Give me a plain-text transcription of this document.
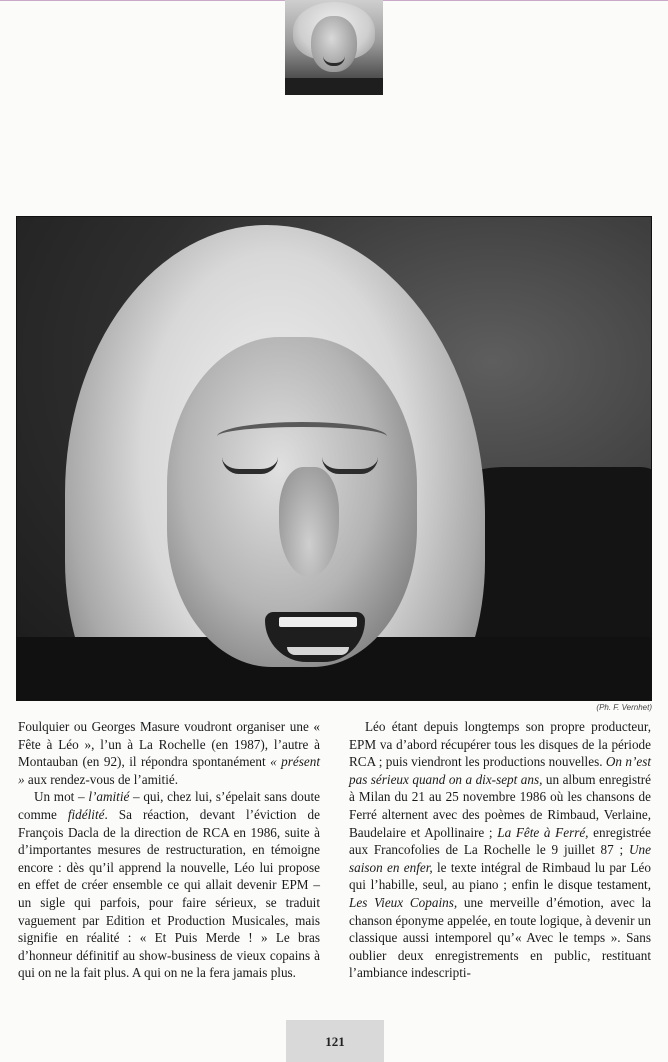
(Ph. F. Vernhet)

Foulquier ou Georges Masure voudront organiser une « Fête à Léo », l’un à La Rochelle (en 1987), l’autre à Montauban (en 92), il répondra spontanément « présent » aux rendez-vous de l’amitié.

Un mot – l’amitié – qui, chez lui, s’épelait sans doute comme fidélité. Sa réaction, devant l’éviction de François Dacla de la direction de RCA en 1986, suite à d’importantes mesures de restructuration, en témoigne encore : dès qu’il apprend la nouvelle, Léo lui propose en effet de créer ensemble ce qui allait devenir EPM – un sigle qui parfois, pour faire sérieux, se traduit vaguement par Edition et Production Musicales, mais signifie en réalité : « Et Puis Merde ! » Le bras d’honneur définitif au show-business de vieux copains à qui on ne la fait plus. A qui on ne la fera jamais plus.

Léo étant depuis longtemps son propre producteur, EPM va d’abord récupérer tous les disques de la période RCA ; puis viendront les productions nouvelles. On n’est pas sérieux quand on a dix-sept ans, un album enregistré à Milan du 21 au 25 novembre 1986 où les chansons de Ferré alternent avec des poèmes de Rimbaud, Verlaine, Baudelaire et Apollinaire ; La Fête à Ferré, enregistrée aux Francofolies de La Rochelle le 9 juillet 87 ; Une saison en enfer, le texte intégral de Rimbaud lu par Léo qui l’habille, seul, au piano ; enfin le disque testament, Les Vieux Copains, une merveille d’émotion, avec la chanson éponyme appelée, en toute logique, à devenir un classique aussi intemporel qu’« Avec le temps ». Sans oublier deux enregistrements en public, restituant l’ambiance indescripti-

121
